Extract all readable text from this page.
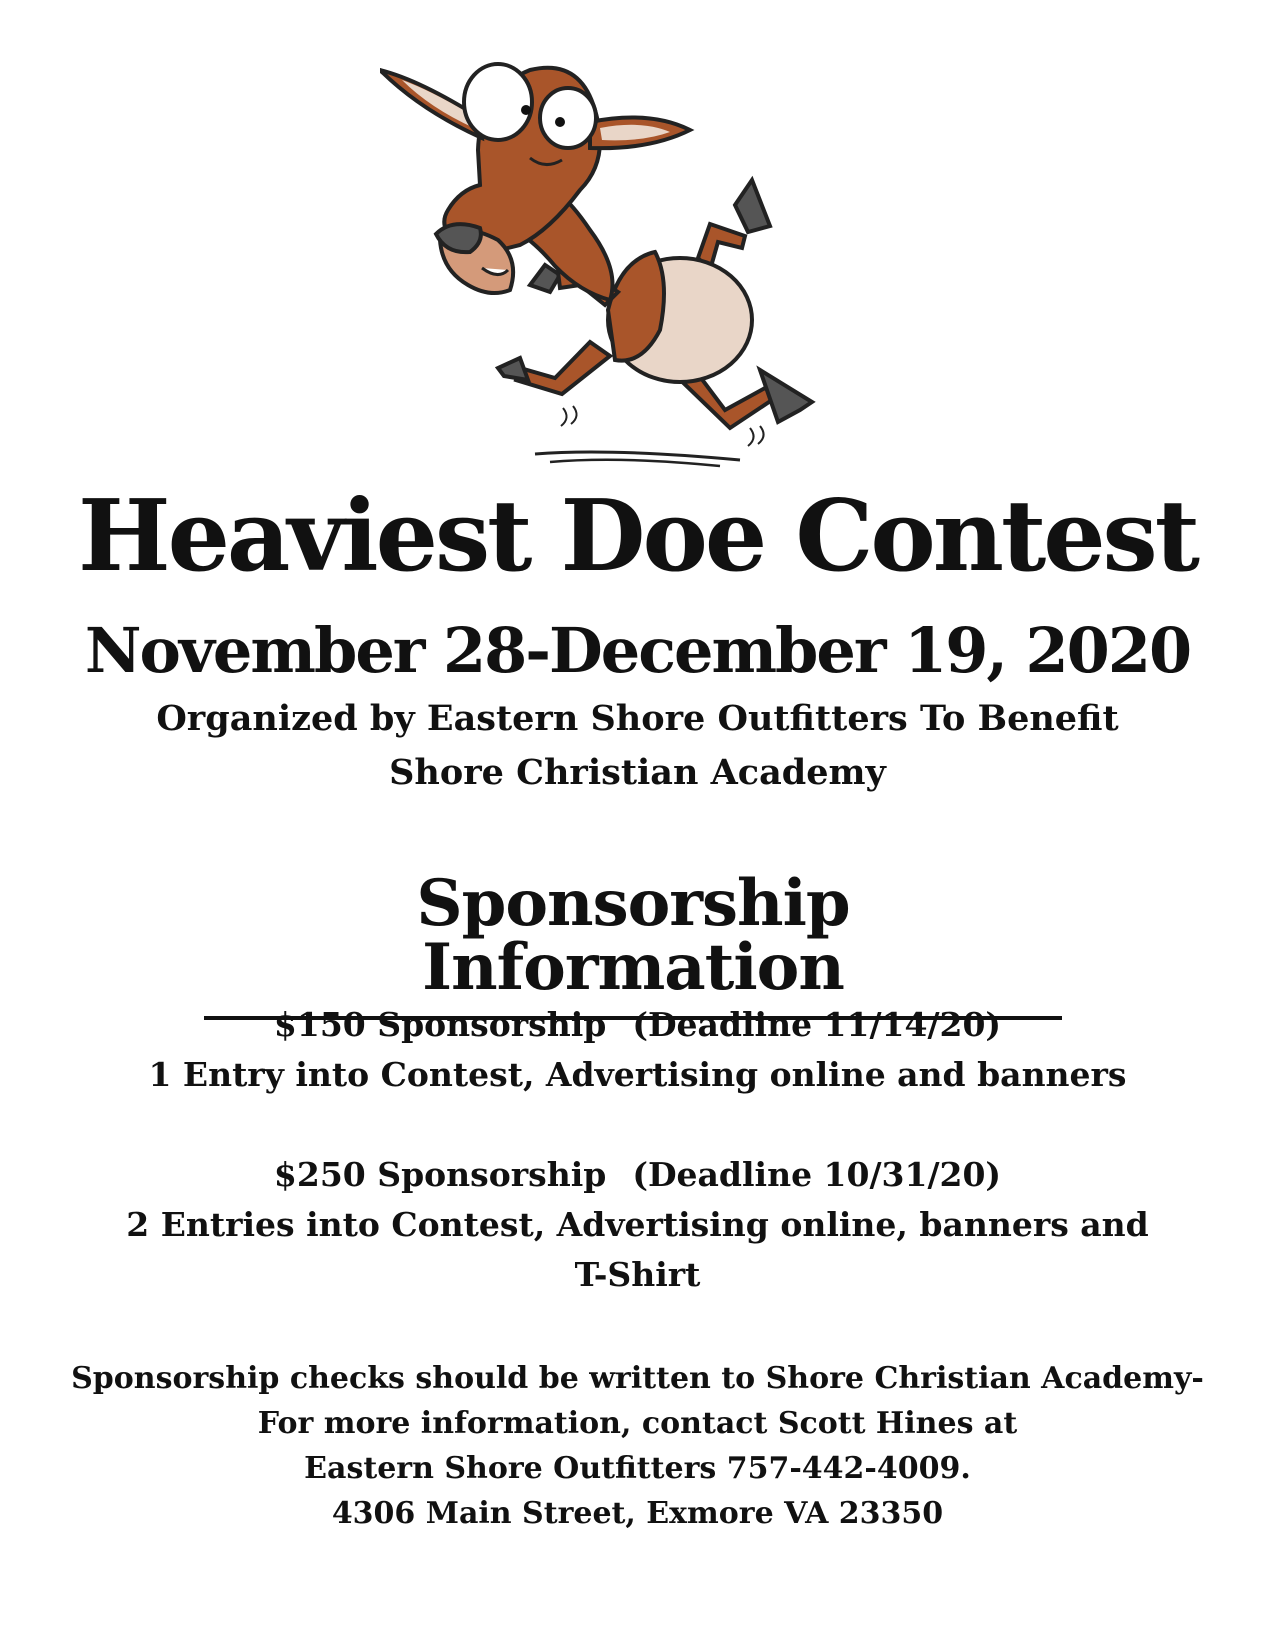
Heaviest Doe Contest
November 28-December 19, 2020
Organized by Eastern Shore Outfitters To Benefit
Shore Christian Academy
Sponsorship Information
$150 Sponsorship (Deadline 11/14/20)
1 Entry into Contest, Advertising online and banners
$250 Sponsorship (Deadline 10/31/20)
2 Entries into Contest, Advertising online, banners and
T-Shirt
Sponsorship checks should be written to Shore Christian Academy-
For more information, contact Scott Hines at
Eastern Shore Outfitters 757-442-4009.
4306 Main Street, Exmore VA 23350
